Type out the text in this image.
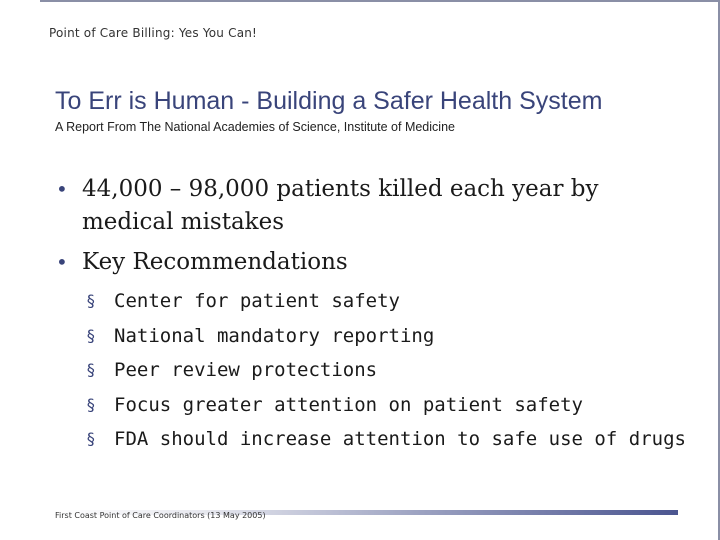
Point of Care Billing: Yes You Can!
To Err is Human - Building a Safer Health System
A Report From The National Academies of Science, Institute of Medicine
• 44,000 – 98,000 patients killed each year by medical mistakes
• Key Recommendations
§ Center for patient safety
§ National mandatory reporting
§ Peer review protections
§ Focus greater attention on patient safety
§ FDA should increase attention to safe use of drugs
First Coast Point of Care Coordinators (13 May 2005)
